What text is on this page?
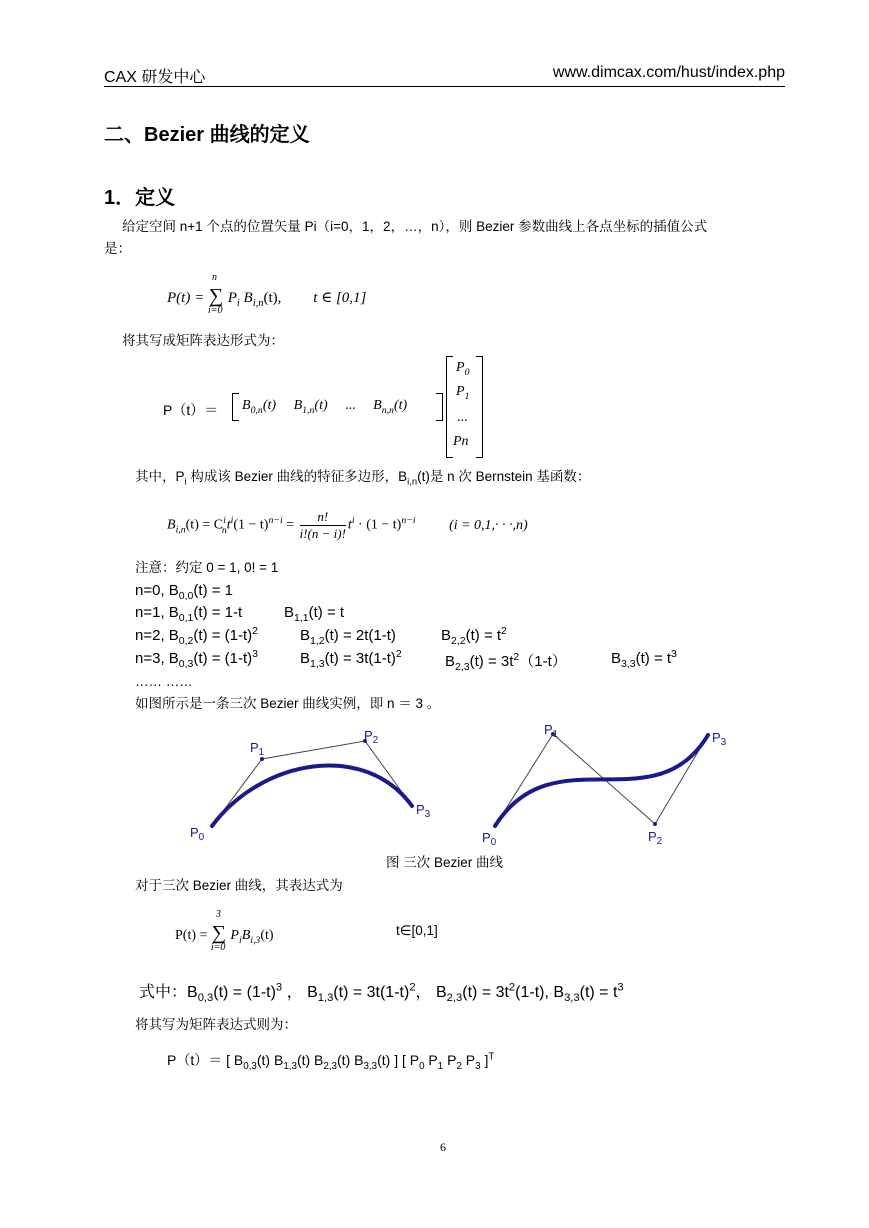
CAX 研发中心	www.dimcax.com/hust/index.php
二、Bezier 曲线的定义
1．定义
给定空间 n+1 个点的位置矢量 Pi（i=0，1，2，…，n），则 Bezier 参数曲线上各点坐标的插值公式
是：
P(t) =
n
∑
i=0
$P_i$ $B_{i,n}(t)$, t ∈ [0,1]
将其写成矩阵表达形式为：
$P(t)= B_{0,n}(t)$ $B_{1,n}(t)$ ... $B_{n,n}(t)$
$P_0$
$P_1$
...
Pn
其中，$P_i$ 构成该 Bezier 曲线的特征多边形，$B_{i,n}(t)$是 n 次 Bernstein 基函数：
$B_{i,n}(t) = C^i_nt^i(1 - t)^{n-i} = \frac{n!}{i!(n - i)!} t^i \cdot (1 - t)^{n-i}$ (i = 0,1,· · ·,n)
注意：约定 0 = 1, 0! = 1
n=0, $B_{0,0}(t) = 1$
n=1, $B_{0,1}(t) = 1-t$	$B_{1,1}(t) = t$
n=2, $B_{0,2}(t) = (1-t)^2$	$B_{1,2}(t) = 2t(1-t)$	$B_{2,2}(t) = t^2$
n=3, $B_{0,3}(t) = (1-t)^3$	$B_{1,3}(t) = 3t(1-t)^2$	$B_{2,3}(t) = 3t^2(1-t)$	$B_{3,3}(t) = t^3$
…… ……
如图所示是一条三次 Bezier 曲线实例，即 n ＝ 3 。
$P_0$
$P_1$
$P_2$
$P_3$
$P_0$
$P_1$
$P_2$
$P_3$
图 三次 Bezier 曲线
对于三次 Bezier 曲线，其表达式为
P(t) =
3
∑
i=0
$P_iB_{i,3}(t)$	t∈[0,1]
式中：$B_{0,3}(t) = (1-t)^3$ ， $B_{1,3}(t) = 3t(1-t)^2$， $B_{2,3}(t) = 3t^2(1-t)$, $B_{3,3}(t) = t^3$
将其写为矩阵表达式则为：
P（t）＝ [ $B_{0,3}(t)$ $B_{1,3}(t)$ $B_{2,3}(t)$ $B_{3,3}(t)$ ] [ $P_0$ $P_1$ $P_2$ $P_3$ ]$^T$
6
